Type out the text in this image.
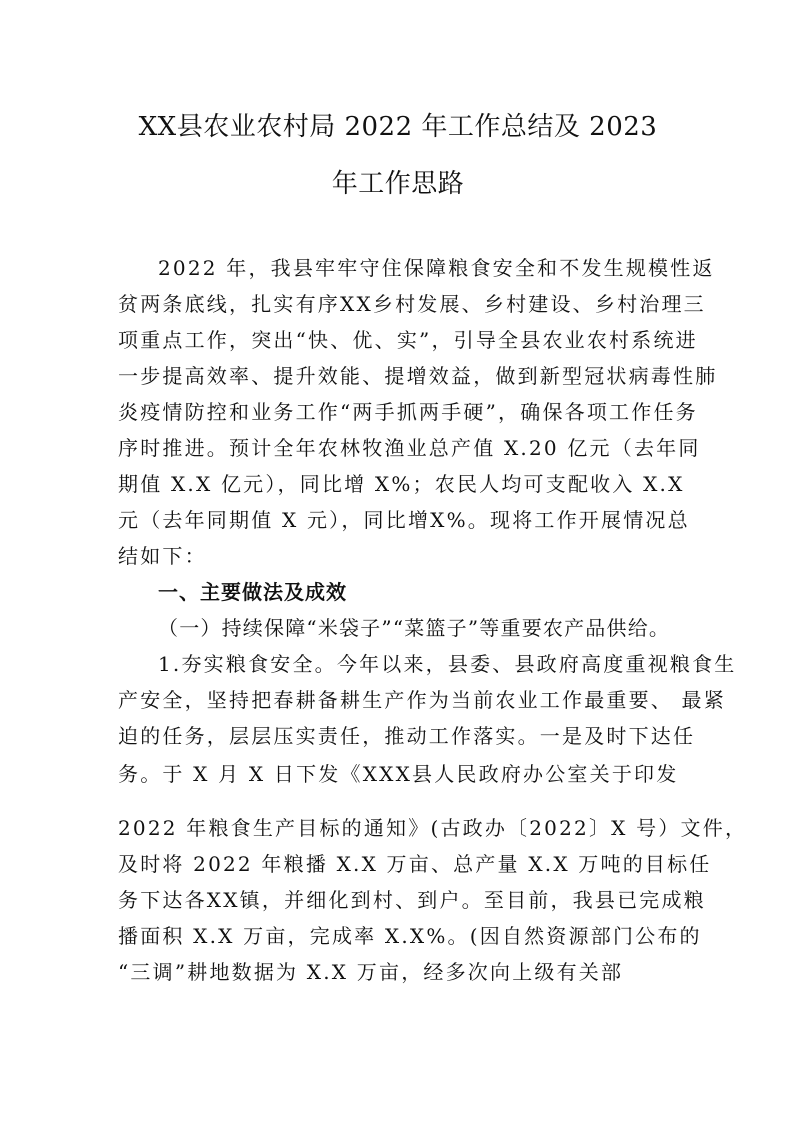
XX县农业农村局 2022 年工作总结及 2023
年工作思路
2022 年，我县牢牢守住保障粮食安全和不发生规模性返
贫两条底线，扎实有序XX乡村发展、乡村建设、乡村治理三
项重点工作，突出“快、优、实”，引导全县农业农村系统进
一步提高效率、提升效能、提增效益，做到新型冠状病毒性肺
炎疫情防控和业务工作“两手抓两手硬”，确保各项工作任务
序时推进。预计全年农林牧渔业总产值 X.20 亿元（去年同
期值 X.X 亿元），同比增 X%；农民人均可支配收入 X.X
元（去年同期值 X 元），同比增X%。现将工作开展情况总
结如下：
一、主要做法及成效
（一）持续保障“米袋子”“菜篮子”等重要农产品供给。
1.夯实粮食安全。今年以来，县委、县政府高度重视粮食生
产安全，坚持把春耕备耕生产作为当前农业工作最重要、 最紧
迫的任务，层层压实责任，推动工作落实。一是及时下达任
务。于 X 月 X 日下发《XXX县人民政府办公室关于印发
2022 年粮食生产目标的通知》(古政办〔2022〕X 号）文件，
及时将 2022 年粮播 X.X 万亩、总产量 X.X 万吨的目标任
务下达各XX镇，并细化到村、到户。至目前，我县已完成粮
播面积 X.X 万亩，完成率 X.X%。(因自然资源部门公布的
“三调”耕地数据为 X.X 万亩，经多次向上级有关部
